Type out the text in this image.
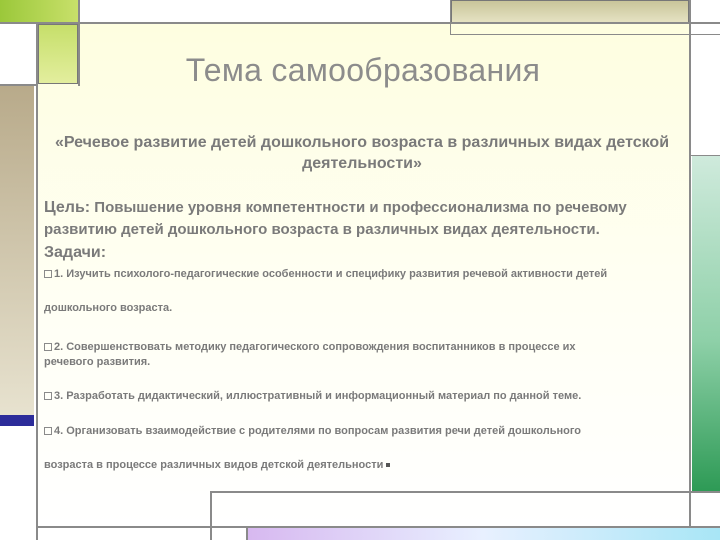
Тема самообразования
«Речевое развитие детей дошкольного возраста в различных видах детской деятельности»
Цель: Повышение уровня компетентности и профессионализма по речевому развитию детей дошкольного возраста в различных видах деятельности.
Задачи:
1. Изучить психолого-педагогические особенности и специфику развития речевой активности детей
дошкольного возраста.
2. Совершенствовать методику педагогического сопровождения воспитанников в процессе их
речевого развития.
3. Разработать дидактический, иллюстративный и информационный материал по данной теме.
4. Организовать взаимодействие с родителями по вопросам развития речи детей дошкольного
возраста в процессе различных видов детской деятельности
